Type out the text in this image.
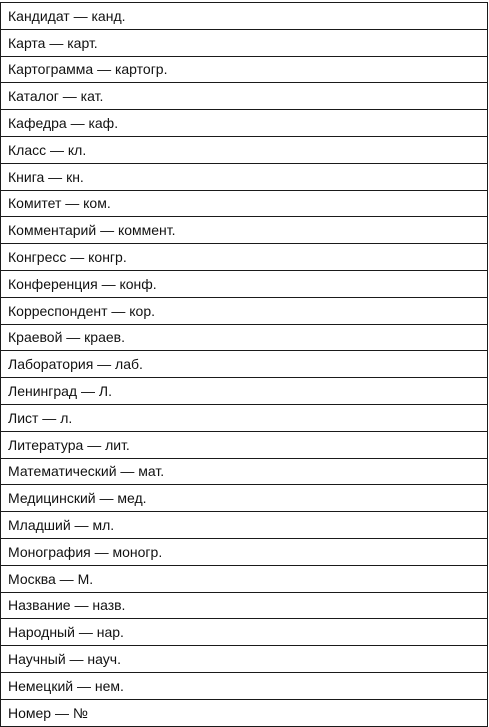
Кандидат — канд.
Карта — карт.
Картограмма — картогр.
Каталог — кат.
Кафедра — каф.
Класс — кл.
Книга — кн.
Комитет — ком.
Комментарий — коммент.
Конгресс — конгр.
Конференция — конф.
Корреспондент — кор.
Краевой — краев.
Лаборатория — лаб.
Ленинград — Л.
Лист — л.
Литература — лит.
Математический — мат.
Медицинский — мед.
Младший — мл.
Монография — моногр.
Москва — М.
Название — назв.
Народный — нар.
Научный — науч.
Немецкий — нем.
Номер — №
